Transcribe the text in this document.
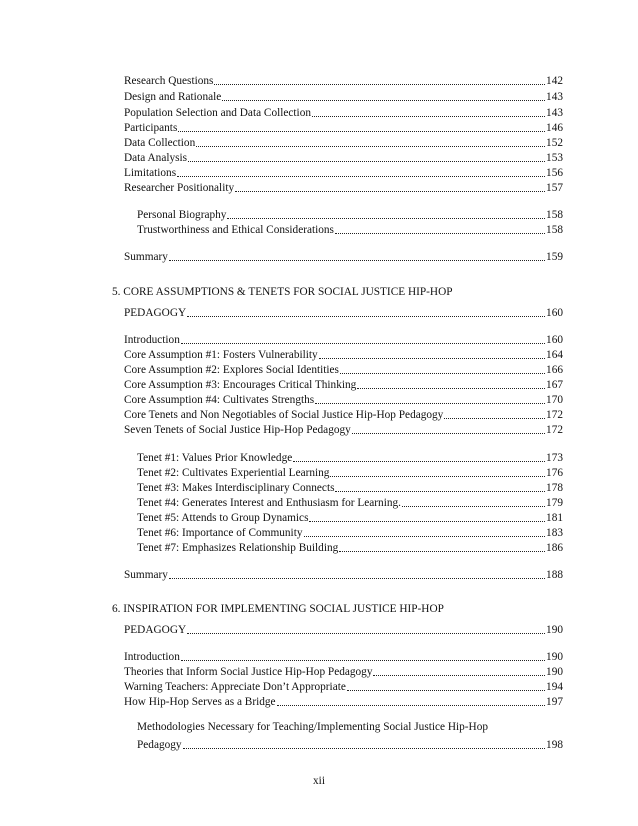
Research Questions	142
Design and Rationale	143
Population Selection and Data Collection	143
Participants	146
Data Collection	152
Data Analysis	153
Limitations	156
Researcher Positionality	157
Personal Biography	158
Trustworthiness and Ethical Considerations	158
Summary	159
5. CORE ASSUMPTIONS & TENETS FOR SOCIAL JUSTICE HIP-HOP
PEDAGOGY	160
Introduction	160
Core Assumption #1: Fosters Vulnerability	164
Core Assumption #2: Explores Social Identities	166
Core Assumption #3: Encourages Critical Thinking	167
Core Assumption #4: Cultivates Strengths	170
Core Tenets and Non Negotiables of Social Justice Hip-Hop Pedagogy	172
Seven Tenets of Social Justice Hip-Hop Pedagogy	172
Tenet #1: Values Prior Knowledge	173
Tenet #2: Cultivates Experiential Learning	176
Tenet #3: Makes Interdisciplinary Connects	178
Tenet #4: Generates Interest and Enthusiasm for Learning.	179
Tenet #5: Attends to Group Dynamics	181
Tenet #6: Importance of Community	183
Tenet #7: Emphasizes Relationship Building	186
Summary	188
6. INSPIRATION FOR IMPLEMENTING SOCIAL JUSTICE HIP-HOP
PEDAGOGY	190
Introduction	190
Theories that Inform Social Justice Hip-Hop Pedagogy	190
Warning Teachers: Appreciate Don’t Appropriate	194
How Hip-Hop Serves as a Bridge	197
Methodologies Necessary for Teaching/Implementing Social Justice Hip-Hop
Pedagogy	198
xii
